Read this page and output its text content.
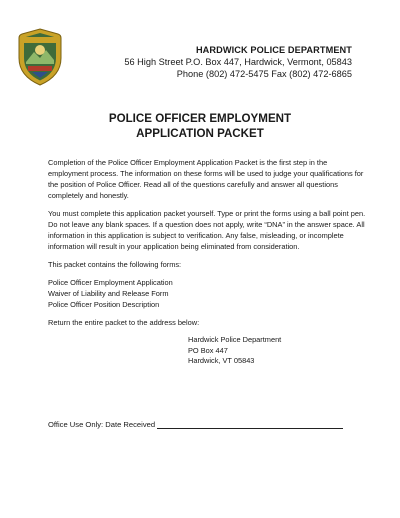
HARDWICK POLICE DEPARTMENT
56 High Street P.O. Box 447, Hardwick, Vermont, 05843
Phone (802) 472-5475 Fax (802) 472-6865
POLICE OFFICER EMPLOYMENT
APPLICATION PACKET

Completion of the Police Officer Employment Application Packet is the first step in the employment process. The information on these forms will be used to judge your qualifications for the position of Police Officer. Read all of the questions carefully and answer all questions completely and honestly.

You must complete this application packet yourself. Type or print the forms using a ball point pen. Do not leave any blank spaces. If a question does not apply, write “DNA” in the answer space. All information in this application is subject to verification. Any false, misleading, or incomplete information will result in your application being eliminated from consideration.

This packet contains the following forms:

Police Officer Employment Application
Waiver of Liability and Release Form
Police Officer Position Description

Return the entire packet to the address below:

Hardwick Police Department
PO Box 447
Hardwick, VT 05843
Office Use Only: Date Received
